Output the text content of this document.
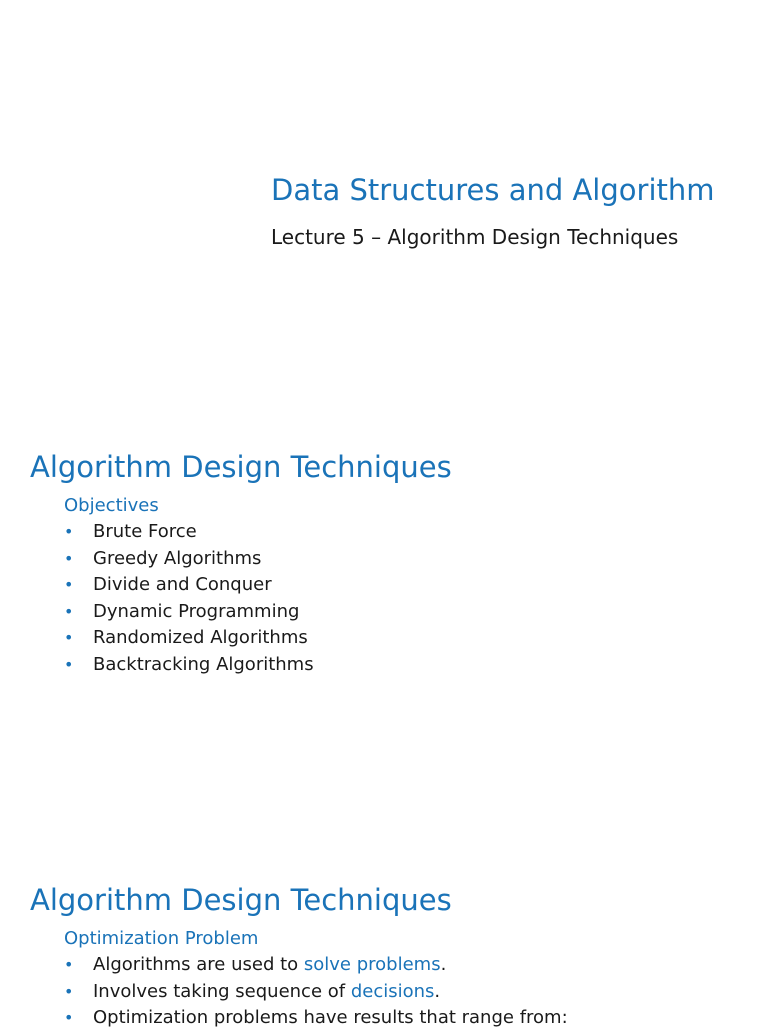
Data Structures and Algorithm
Lecture 5 – Algorithm Design Techniques
Algorithm Design Techniques
Objectives
• Brute Force
• Greedy Algorithms
• Divide and Conquer
• Dynamic Programming
• Randomized Algorithms
• Backtracking Algorithms
Algorithm Design Techniques
Optimization Problem
• Algorithms are used to solve problems.
• Involves taking sequence of decisions.
• Optimization problems have results that range from:
